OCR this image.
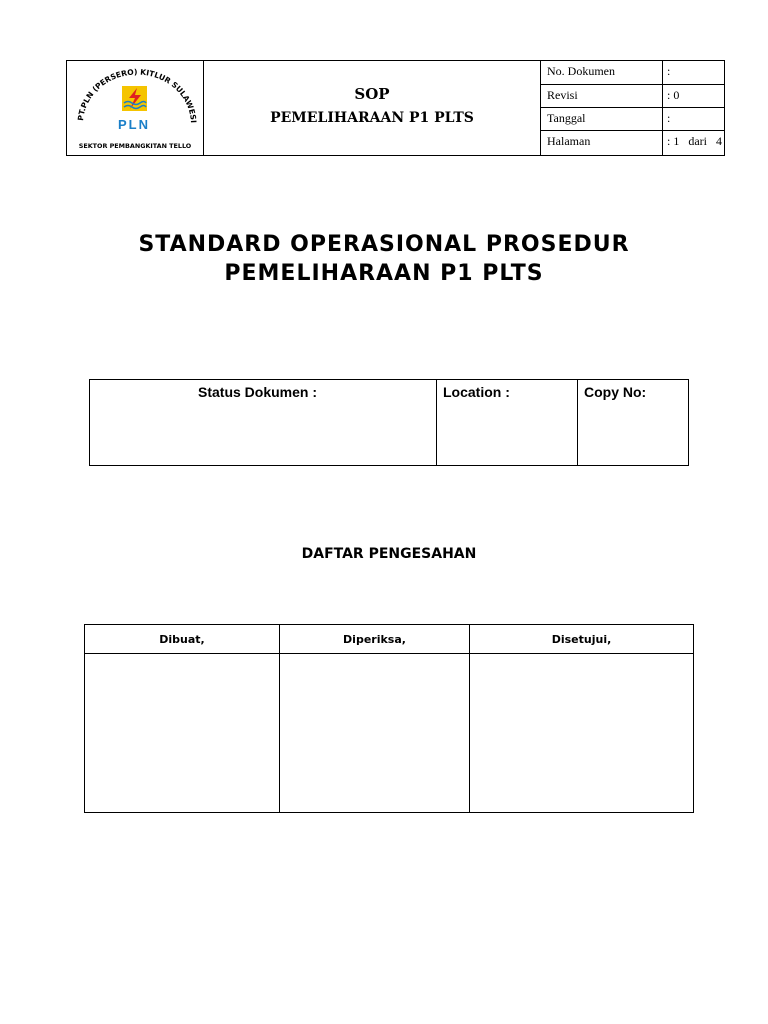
PT.PLN (PERSERO) KITLUR SULAWESI
PLN
SEKTOR PEMBANGKITAN TELLO
SOP
PEMELIHARAAN P1 PLTS
No. Dokumen	:
Revisi	: 0
Tanggal	:
Halaman	: 1   dari   4
STANDARD OPERASIONAL PROSEDUR
PEMELIHARAAN P1 PLTS
Status Dokumen :	Location :	Copy No:
DAFTAR PENGESAHAN
Dibuat,	Diperiksa,	Disetujui,
